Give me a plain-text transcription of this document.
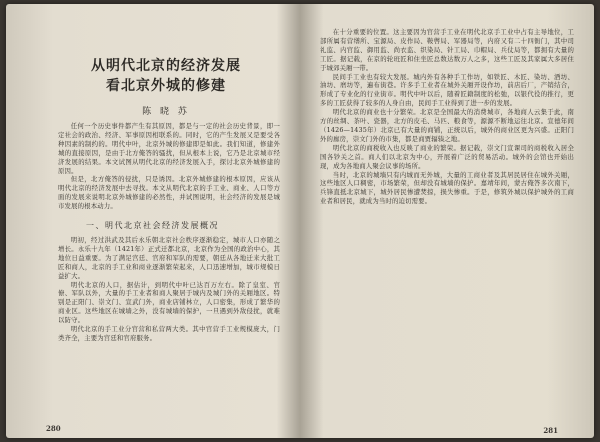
从明代北京的经济发展
看北京外城的修建
陈 晓 苏

任何一个历史事件都产生有其原因，都是与一定的社会历史背景，即一定社会的政治、经济、军事原因相联系的。同时，它的产生发展又是要受各种因素的制约的。明代中叶，北京外城的修建即是如此。我们知道，修建外城的直接原因，是由于北方俺答的骚扰，但从根本上说，它乃是北京城市经济发展的结果。本文试图从明代北京的经济发展入手，探讨北京外城修建的原因。

但是，北方俺答的侵扰，只是诱因。北京外城修建的根本原因，应该从明代北京的经济发展中去寻找。本文从明代北京的手工业、商业、人口等方面的发展来说明北京外城修建的必然性，并试图说明，社会经济的发展是城市发展的根本动力。

一、明代北京社会经济发展概况

明初，经过洪武及其后永乐朝北京社会秩序逐渐稳定，城市人口亦随之增长。永乐十九年（1421年）正式迁都北京，北京作为全国的政治中心，其地位日益重要。为了满足宫廷、官府和军队的需要，朝廷从各地迁来大批工匠和商人，北京的手工业和商业逐渐繁荣起来，人口迅速增加，城市规模日益扩大。

明代北京的人口，据估计，到明代中叶已达百万左右。除了皇室、官僚、军队以外，大量的手工业者和商人聚居于城内及城门外的关厢地区。特别是正阳门、崇文门、宣武门外，商业店铺林立，人口密集，形成了繁华的商业区。这些地区在城墙之外，没有城墙的保护，一旦遇到外敌侵扰，就难以防守。

明代北京的手工业分官营和私营两大类。其中官营手工业规模庞大，门类齐全，主要为宫廷和官府服务。

280

在十分重要的位置。这主要因为官营手工业在明代北京手工业中占有主导地位，工部所属有营缮所、宝源局、皮作局、鞍辔局、军器局等，内府又有二十四衙门，其中司礼监、内官监、御用监、尚衣监、织染局、针工局、巾帽局、兵仗局等，都拥有大量的工匠。据记载，在京的轮班匠和住坐匠总数达数万人之多，这些工匠及其家属大多居住于城郊关厢一带。

民间手工业也有较大发展。城内外有各种手工作坊，如铁匠、木匠、染坊、酒坊、油坊、磨坊等，遍布街巷。许多手工业者在城外关厢开设作坊，前店后厂，产销结合，形成了专业化的行业街市。明代中叶以后，随着匠籍制度的松弛，以银代役的推行，更多的工匠获得了较多的人身自由，民间手工业得到了进一步的发展。

明代北京的商业也十分繁荣。北京是全国最大的消费城市，各地商人云集于此，南方的丝绸、茶叶、瓷器，北方的皮毛、马匹、粮食等，源源不断地运往北京。宣德年间（1426—1435年）北京已有大量的商铺，正统以后，城外的商业区更为兴盛。正阳门外的廊房，崇文门外的市集，都是商贾辐辏之地。

明代北京的商税收入也反映了商业的繁荣。据记载，崇文门宣课司的商税收入居全国各钞关之首。商人们以北京为中心，开展着广泛的贸易活动。城外的会馆也开始出现，成为各地商人聚会议事的场所。

当时，北京的城墙只有内城而无外城，大量的工商业者及其居民居住在城外关厢，这些地区人口稠密，市场繁荣，但却没有城墙的保护。嘉靖年间，蒙古俺答多次南下，兵锋直抵北京城下，城外居民惨遭焚掠，损失惨重。于是，修筑外城以保护城外的工商业者和居民，就成为当时的迫切需要。

281
